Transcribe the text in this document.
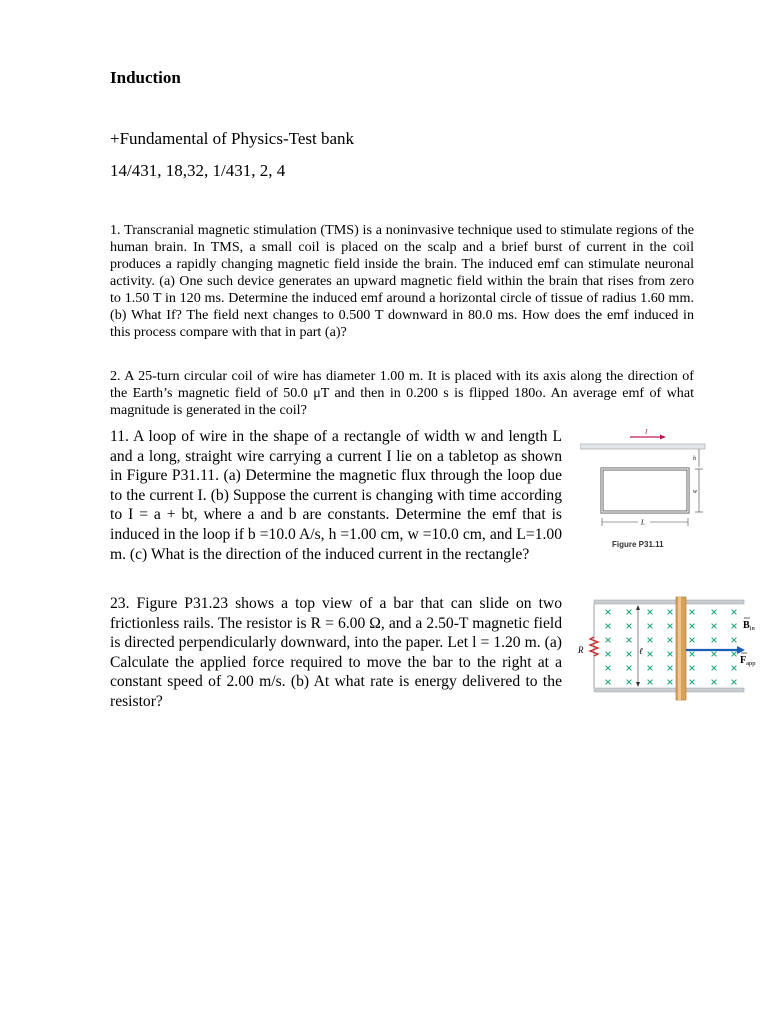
Induction

+Fundamental of Physics-Test bank

14/431, 18,32, 1/431, 2, 4

1. Transcranial magnetic stimulation (TMS) is a noninvasive technique used to stimulate regions of the human brain. In TMS, a small coil is placed on the scalp and a brief burst of current in the coil produces a rapidly changing magnetic field inside the brain. The induced emf can stimulate neuronal activity. (a) One such device generates an upward magnetic field within the brain that rises from zero to 1.50 T in 120 ms. Determine the induced emf around a horizontal circle of tissue of radius 1.60 mm. (b) What If? The field next changes to 0.500 T downward in 80.0 ms. How does the emf induced in this process compare with that in part (a)?

2. A 25-turn circular coil of wire has diameter 1.00 m. It is placed with its axis along the direction of the Earth’s magnetic field of 50.0 μT and then in 0.200 s is flipped 180o. An average emf of what magnitude is generated in the coil?

11. A loop of wire in the shape of a rectangle of width w and length L and a long, straight wire carrying a current I lie on a tabletop as shown in Figure P31.11. (a) Determine the magnetic flux through the loop due to the current I. (b) Suppose the current is changing with time according to I = a + bt, where a and b are constants. Determine the emf that is induced in the loop if b =10.0 A/s, h =1.00 cm, w =10.0 cm, and L=1.00 m. (c) What is the direction of the induced current in the rectangle?

23. Figure P31.23 shows a top view of a bar that can slide on two frictionless rails. The resistor is R = 6.00 Ω, and a 2.50-T magnetic field is directed perpendicularly downward, into the paper. Let l = 1.20 m. (a) Calculate the applied force required to move the bar to the right at a constant speed of 2.00 m/s. (b) At what rate is energy delivered to the resistor?

I
h
w
L
Figure P31.11
R	ℓ
$B_{in}$
$F_{app}$
